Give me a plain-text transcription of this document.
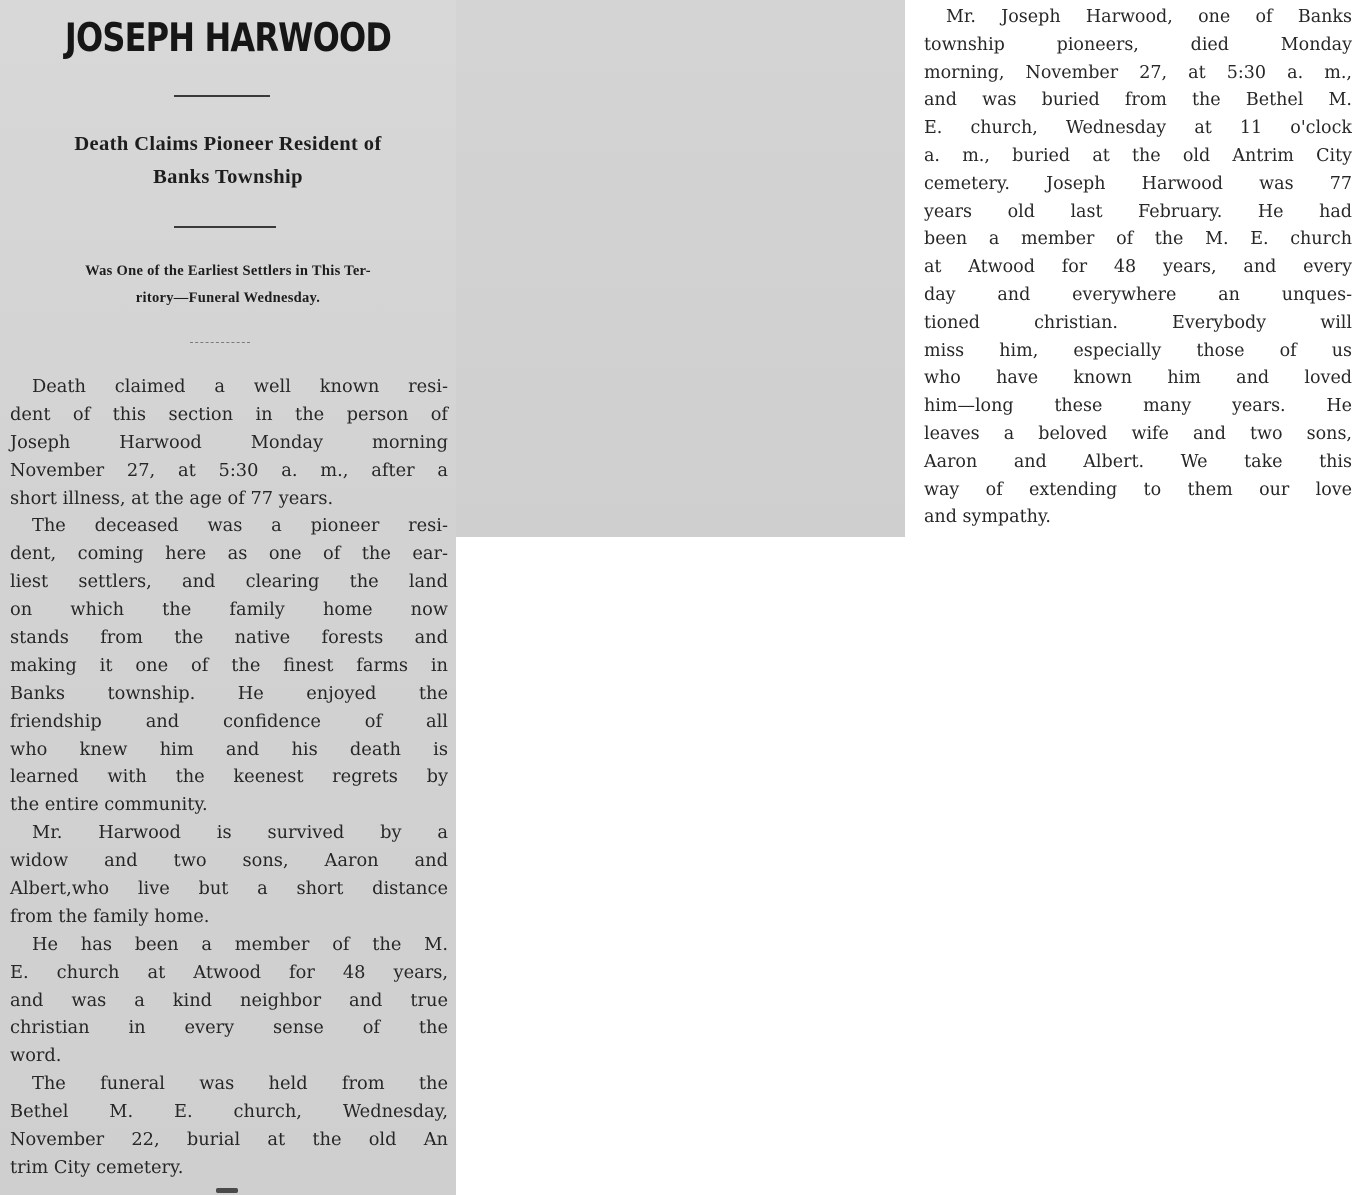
JOSEPH HARWOOD
Death Claims Pioneer Resident of
Banks Township
Was One of the Earliest Settlers in This Ter-
ritory—Funeral Wednesday.
Death claimed a well known resi-
dent of this section in the person of
Joseph Harwood Monday morning
November 27, at 5:30 a. m., after a
short illness, at the age of 77 years.
The deceased was a pioneer resi-
dent, coming here as one of the ear-
liest settlers, and clearing the land
on which the family home now
stands from the native forests and
making it one of the finest farms in
Banks township. He enjoyed the
friendship and confidence of all
who knew him and his death is
learned with the keenest regrets by
the entire community.
Mr. Harwood is survived by a
widow and two sons, Aaron and
Albert,who live but a short distance
from the family home.
He has been a member of the M.
E. church at Atwood for 48 years,
and was a kind neighbor and true
christian in every sense of the
word.
The funeral was held from the
Bethel M. E. church, Wednesday,
November 22, burial at the old An
trim City cemetery.
Mr. Joseph Harwood, one of Banks
township pioneers, died Monday
morning, November 27, at 5:30 a. m.,
and was buried from the Bethel M.
E. church, Wednesday at 11 o'clock
a. m., buried at the old Antrim City
cemetery. Joseph Harwood was 77
years old last February. He had
been a member of the M. E. church
at Atwood for 48 years, and every
day and everywhere an unques-
tioned christian. Everybody will
miss him, especially those of us
who have known him and loved
him—long these many years. He
leaves a beloved wife and two sons,
Aaron and Albert. We take this
way of extending to them our love
and sympathy.
